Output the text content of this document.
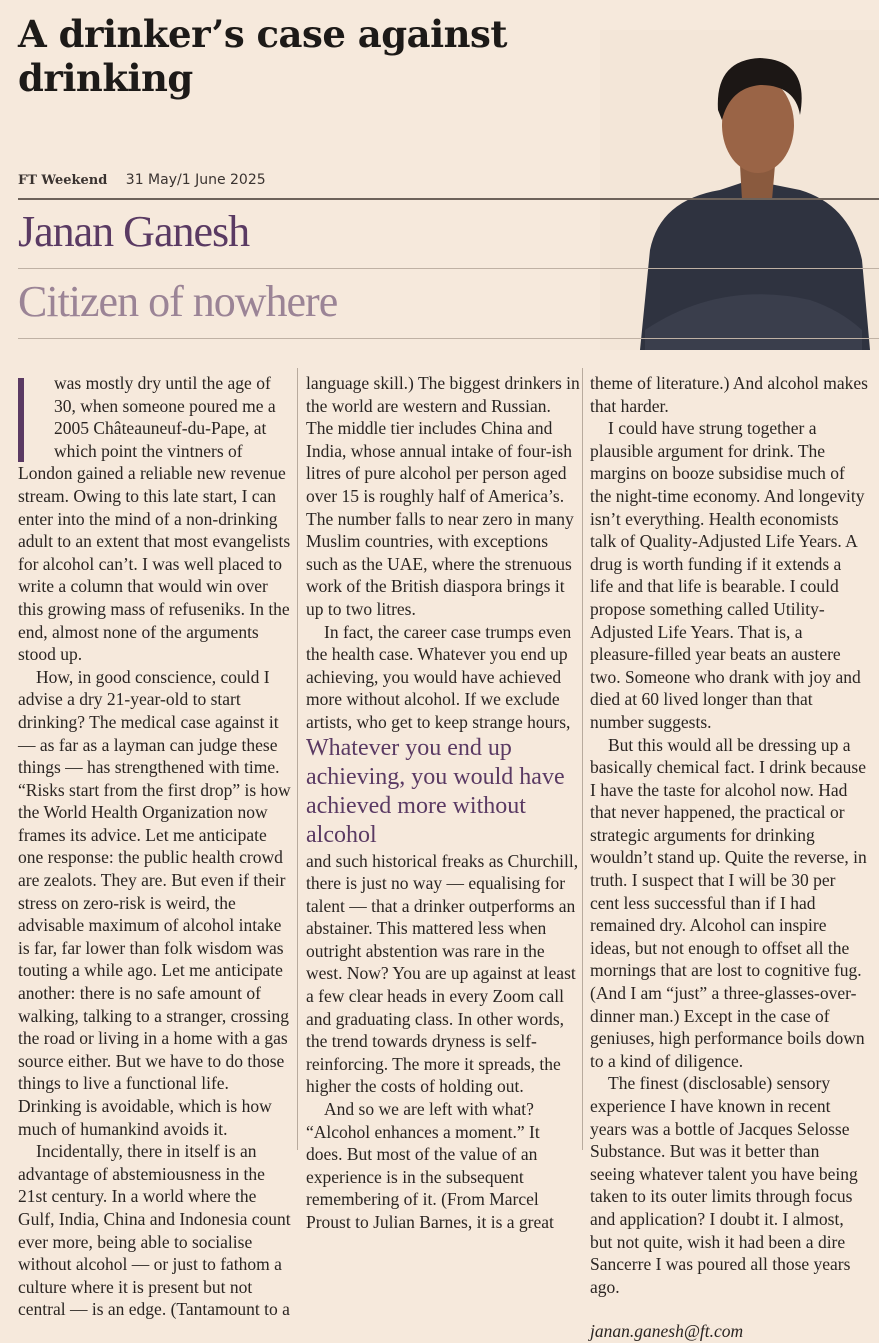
A drinker’s case against drinking
FT Weekend 31 May/1 June 2025
Janan Ganesh
Citizen of nowhere

was mostly dry until the age of 30, when someone poured me a 2005 Châteauneuf-du-Pape, at which point the vintners of London gained a reliable new revenue stream. Owing to this late start, I can enter into the mind of a non-drinking adult to an extent that most evangelists for alcohol can’t. I was well placed to write a column that would win over this growing mass of refuseniks. In the end, almost none of the arguments stood up.

How, in good conscience, could I advise a dry 21-year-old to start drinking? The medical case against it — as far as a layman can judge these things — has strengthened with time. “Risks start from the first drop” is how the World Health Organization now frames its advice. Let me anticipate one response: the public health crowd are zealots. They are. But even if their stress on zero-risk is weird, the advisable maximum of alcohol intake is far, far lower than folk wisdom was touting a while ago. Let me anticipate another: there is no safe amount of walking, talking to a stranger, crossing the road or living in a home with a gas source either. But we have to do those things to live a functional life. Drinking is avoidable, which is how much of humankind avoids it.

Incidentally, there in itself is an advantage of abstemiousness in the 21st century. In a world where the Gulf, India, China and Indonesia count ever more, being able to socialise without alcohol — or just to fathom a culture where it is present but not central — is an edge. (Tantamount to a

language skill.) The biggest drinkers in the world are western and Russian. The middle tier includes China and India, whose annual intake of four-ish litres of pure alcohol per person aged over 15 is roughly half of America’s. The number falls to near zero in many Muslim countries, with exceptions such as the UAE, where the strenuous work of the British diaspora brings it up to two litres.

In fact, the career case trumps even the health case. Whatever you end up achieving, you would have achieved more without alcohol. If we exclude artists, who get to keep strange hours,

Whatever you end up achieving, you would have achieved more without alcohol

and such historical freaks as Churchill, there is just no way — equalising for talent — that a drinker outperforms an abstainer. This mattered less when outright abstention was rare in the west. Now? You are up against at least a few clear heads in every Zoom call and graduating class. In other words, the trend towards dryness is self-reinforcing. The more it spreads, the higher the costs of holding out.

And so we are left with what? “Alcohol enhances a moment.” It does. But most of the value of an experience is in the subsequent remembering of it. (From Marcel Proust to Julian Barnes, it is a great

theme of literature.) And alcohol makes that harder.

I could have strung together a plausible argument for drink. The margins on booze subsidise much of the night-time economy. And longevity isn’t everything. Health economists talk of Quality-Adjusted Life Years. A drug is worth funding if it extends a life and that life is bearable. I could propose something called Utility-Adjusted Life Years. That is, a pleasure-filled year beats an austere two. Someone who drank with joy and died at 60 lived longer than that number suggests.

But this would all be dressing up a basically chemical fact. I drink because I have the taste for alcohol now. Had that never happened, the practical or strategic arguments for drinking wouldn’t stand up. Quite the reverse, in truth. I suspect that I will be 30 per cent less successful than if I had remained dry. Alcohol can inspire ideas, but not enough to offset all the mornings that are lost to cognitive fug. (And I am “just” a three-glasses-over-dinner man.) Except in the case of geniuses, high performance boils down to a kind of diligence.

The finest (disclosable) sensory experience I have known in recent years was a bottle of Jacques Selosse Substance. But was it better than seeing whatever talent you have being taken to its outer limits through focus and application? I doubt it. I almost, but not quite, wish it had been a dire Sancerre I was poured all those years ago.

janan.ganesh@ft.com
